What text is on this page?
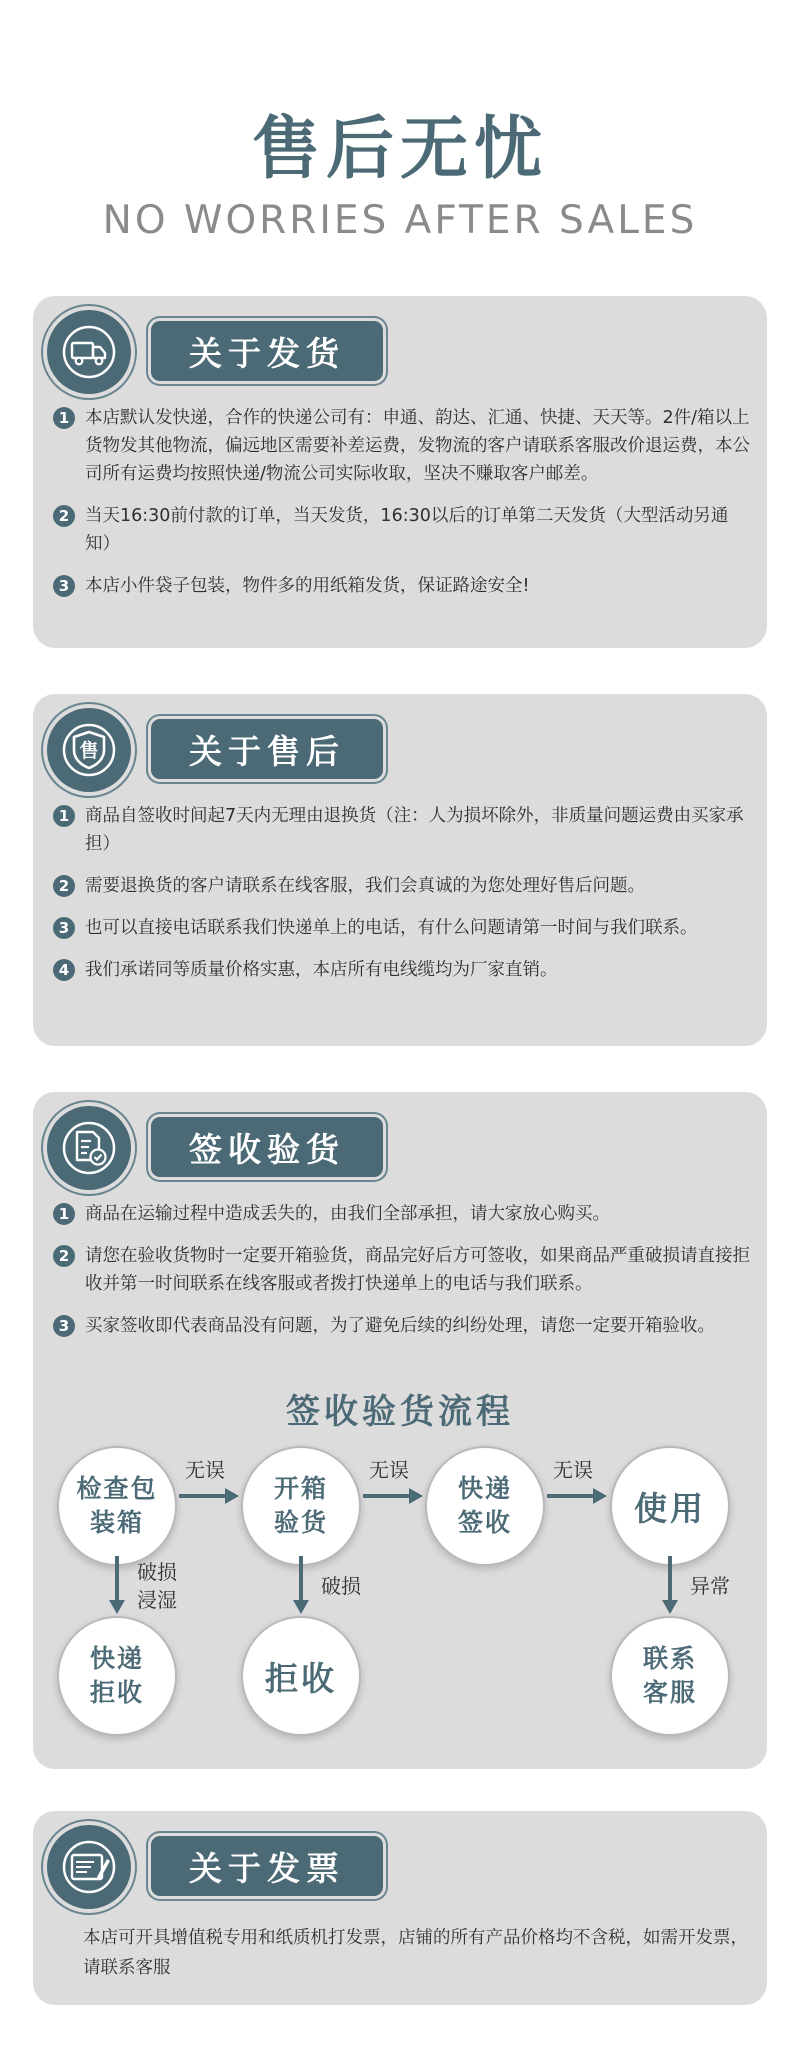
售后无忧
NO WORRIES AFTER SALES
关于发货
1 本店默认发快递，合作的快递公司有：申通、韵达、汇通、快捷、天天等。2件/箱以上货物发其他物流，偏远地区需要补差运费，发物流的客户请联系客服改价退运费，本公司所有运费均按照快递/物流公司实际收取，坚决不赚取客户邮差。
2 当天16:30前付款的订单，当天发货，16:30以后的订单第二天发货（大型活动另通知）
3 本店小件袋子包装，物件多的用纸箱发货，保证路途安全!
售	关于售后
1 商品自签收时间起7天内无理由退换货（注：人为损坏除外，非质量问题运费由买家承担）
2 需要退换货的客户请联系在线客服，我们会真诚的为您处理好售后问题。
3 也可以直接电话联系我们快递单上的电话，有什么问题请第一时间与我们联系。
4 我们承诺同等质量价格实惠，本店所有电线缆均为厂家直销。
签收验货
1 商品在运输过程中造成丢失的，由我们全部承担，请大家放心购买。
2 请您在验收货物时一定要开箱验货，商品完好后方可签收，如果商品严重破损请直接拒收并第一时间联系在线客服或者拨打快递单上的电话与我们联系。
3 买家签收即代表商品没有问题，为了避免后续的纠纷处理，请您一定要开箱验收。
签收验货流程
检查包
装箱
开箱
验货
快递
签收	使用
无误	无误	无误
破损
浸湿
破损	异常
快递
拒收	拒收	联系
客服
关于发票
本店可开具增值税专用和纸质机打发票，店铺的所有产品价格均不含税，如需开发票，请联系客服
